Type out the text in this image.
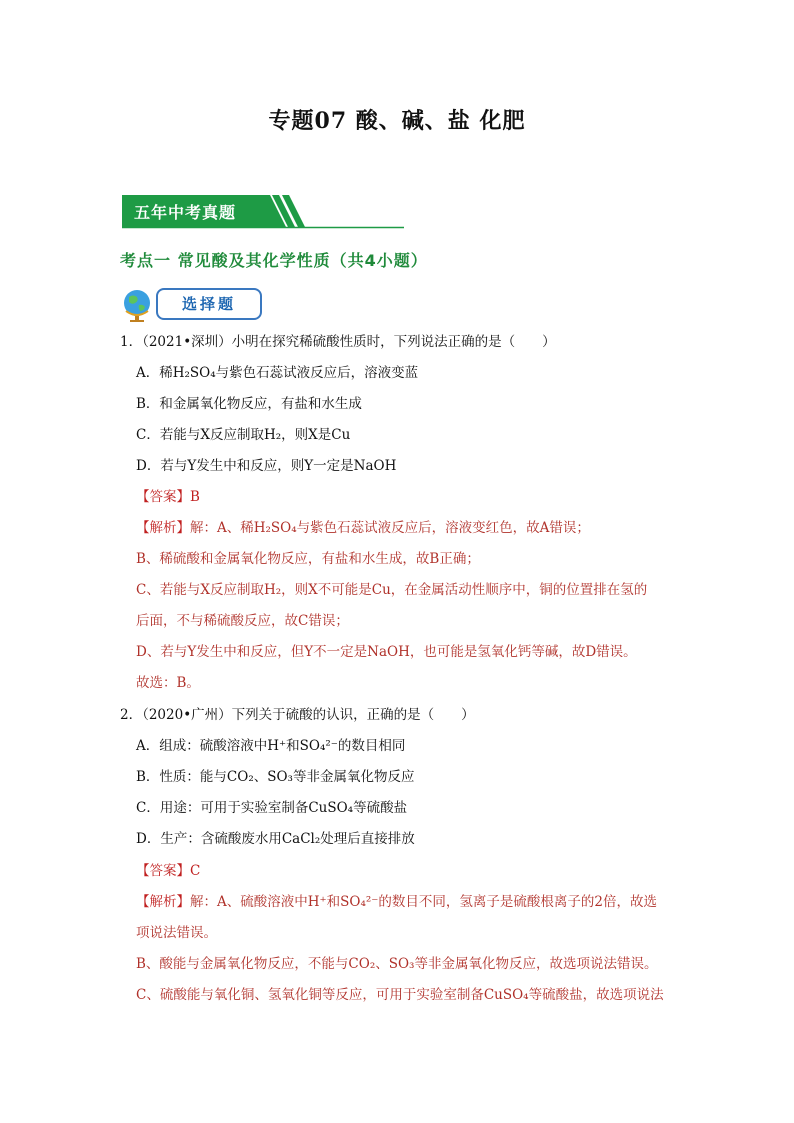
专题07 酸、碱、盐 化肥
五年中考真题
考点一 常见酸及其化学性质（共4小题）
选择题
1．（2021•深圳）小明在探究稀硫酸性质时，下列说法正确的是（　　）
A．稀H₂SO₄与紫色石蕊试液反应后，溶液变蓝
B．和金属氧化物反应，有盐和水生成
C．若能与X反应制取H₂，则X是Cu
D．若与Y发生中和反应，则Y一定是NaOH
【答案】B
【解析】解：A、稀H₂SO₄与紫色石蕊试液反应后，溶液变红色，故A错误；
B、稀硫酸和金属氧化物反应，有盐和水生成，故B正确；
C、若能与X反应制取H₂，则X不可能是Cu，在金属活动性顺序中，铜的位置排在氢的
后面，不与稀硫酸反应，故C错误；
D、若与Y发生中和反应，但Y不一定是NaOH，也可能是氢氧化钙等碱，故D错误。
故选：B。
2．（2020•广州）下列关于硫酸的认识，正确的是（　　）
A．组成：硫酸溶液中H⁺和SO₄²⁻的数目相同
B．性质：能与CO₂、SO₃等非金属氧化物反应
C．用途：可用于实验室制备CuSO₄等硫酸盐
D．生产：含硫酸废水用CaCl₂处理后直接排放
【答案】C
【解析】解：A、硫酸溶液中H⁺和SO₄²⁻的数目不同，氢离子是硫酸根离子的2倍，故选
项说法错误。
B、酸能与金属氧化物反应，不能与CO₂、SO₃等非金属氧化物反应，故选项说法错误。
C、硫酸能与氧化铜、氢氧化铜等反应，可用于实验室制备CuSO₄等硫酸盐，故选项说法
